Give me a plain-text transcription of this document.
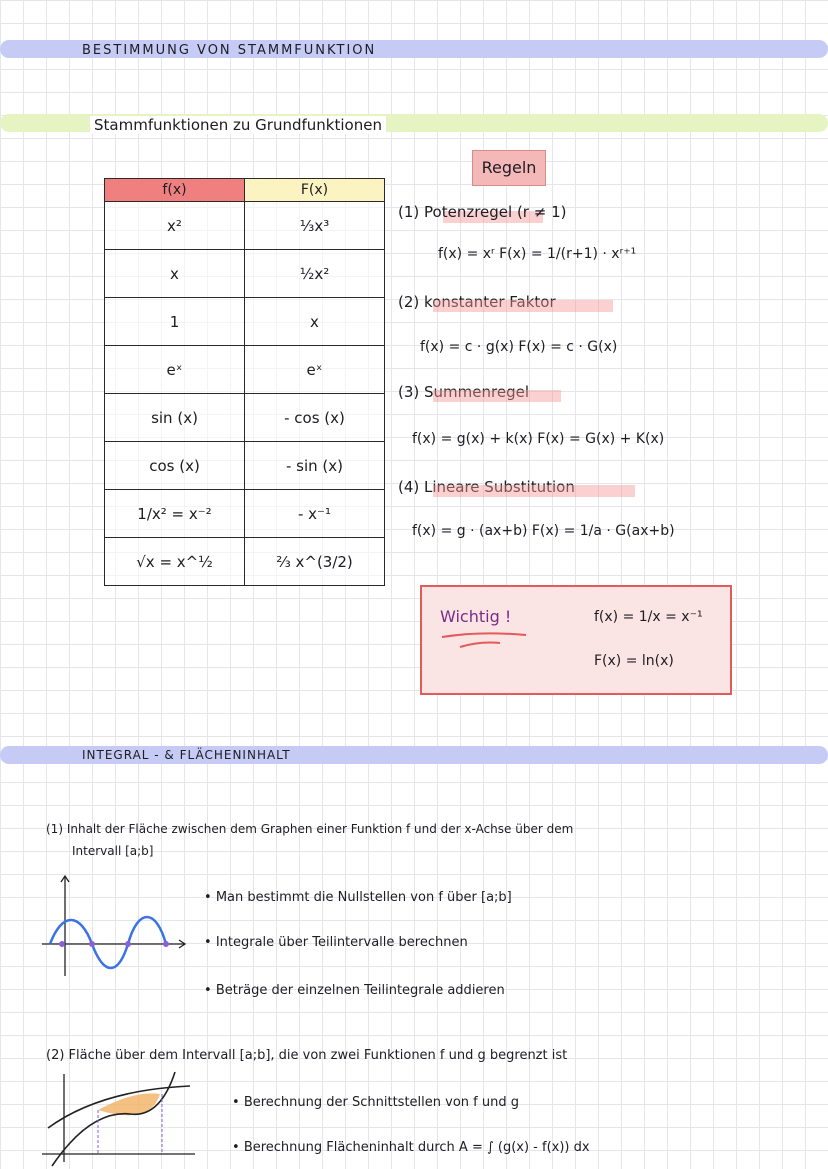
BESTIMMUNG VON STAMMFUNKTION
Stammfunktionen zu Grundfunktionen
f(x)	F(x)
x²	⅓x³
x	½x²
1	x
eˣ	eˣ
sin (x)	- cos (x)
cos (x)	- sin (x)
1/x² = x⁻²	- x⁻¹
√x = x^½	⅔ x^(3/2)
Regeln
(1) Potenzregel (r ≠ 1)
f(x) = xʳ F(x) = 1/(r+1) · xʳ⁺¹
(2) konstanter Faktor
f(x) = c · g(x) F(x) = c · G(x)
(3) Summenregel
f(x) = g(x) + k(x) F(x) = G(x) + K(x)
(4) Lineare Substitution
f(x) = g · (ax+b) F(x) = 1/a · G(ax+b)
Wichtig !	f(x) = 1/x = x⁻¹
F(x) = ln(x)
INTEGRAL - & FLÄCHENINHALT
(1) Inhalt der Fläche zwischen dem Graphen einer Funktion f und der x-Achse über dem
Intervall [a;b]
• Man bestimmt die Nullstellen von f über [a;b]
• Integrale über Teilintervalle berechnen
• Beträge der einzelnen Teilintegrale addieren
(2) Fläche über dem Intervall [a;b], die von zwei Funktionen f und g begrenzt ist
• Berechnung der Schnittstellen von f und g
• Berechnung Flächeninhalt durch A = ∫ (g(x) - f(x)) dx
